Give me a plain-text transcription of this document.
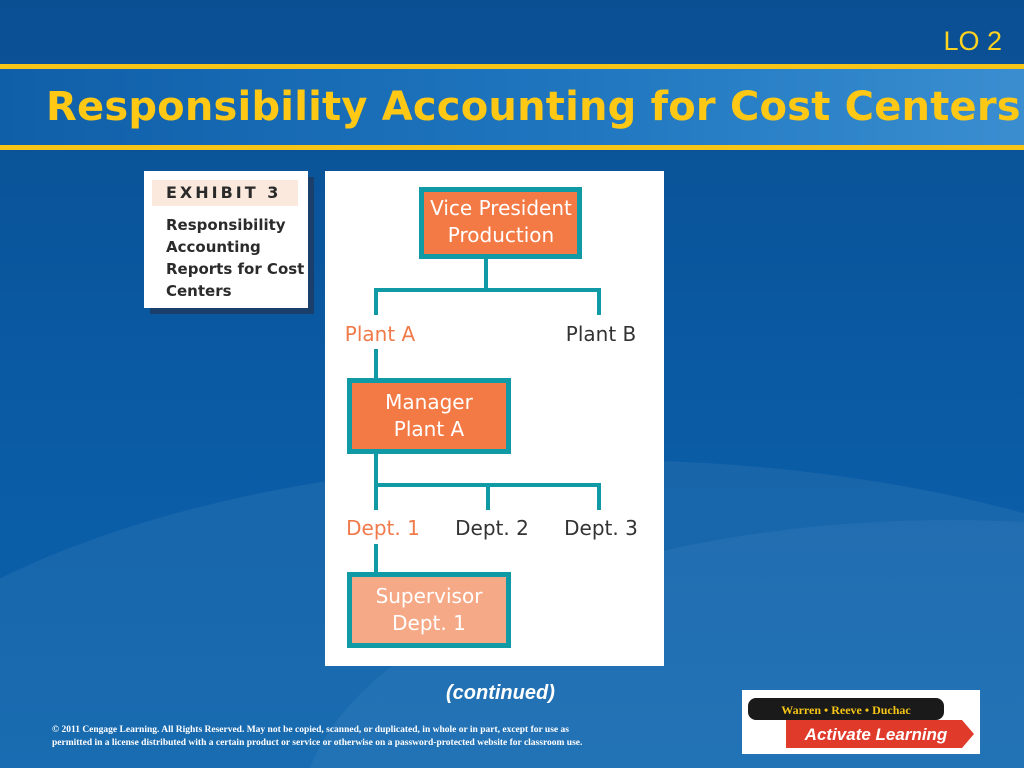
LO 2
Responsibility Accounting for Cost Centers
EXHIBIT 3
Responsibility
Accounting
Reports for Cost
Centers
Vice President
Production
Plant A	Plant B
Manager
Plant A
Dept. 1 Dept. 2 Dept. 3
Supervisor
Dept. 1
(continued)
© 2011 Cengage Learning. All Rights Reserved. May not be copied, scanned, or duplicated, in whole or in part, except for use as
permitted in a license distributed with a certain product or service or otherwise on a password-protected website for classroom use.
Warren • Reeve • Duchac
Activate Learning
